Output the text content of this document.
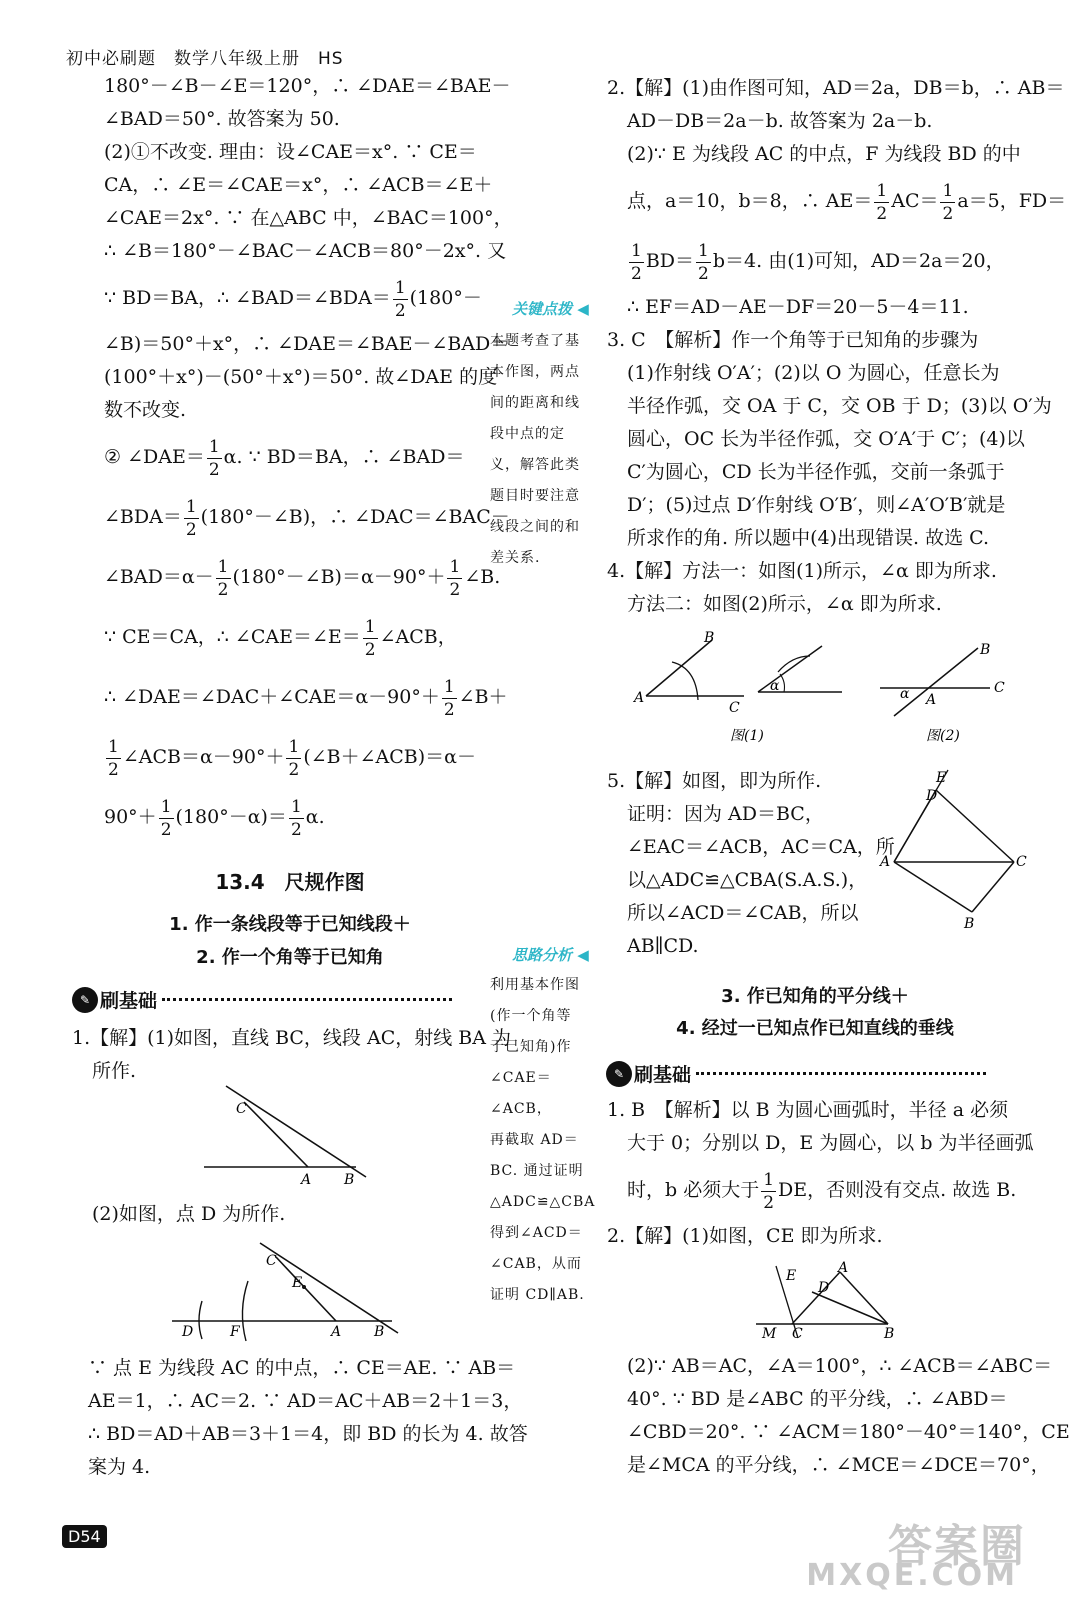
初中必刷题　数学八年级上册　HS
180°－∠B－∠E＝120°，∴ ∠DAE＝∠BAE－
∠BAD＝50°. 故答案为 50.
(2)①不改变. 理由：设∠CAE＝x°. ∵ CE＝
CA，∴ ∠E＝∠CAE＝x°，∴ ∠ACB＝∠E＋
∠CAE＝2x°. ∵ 在△ABC 中，∠BAC＝100°，
∴ ∠B＝180°－∠BAC－∠ACB＝80°－2x°. 又
∵ BD＝BA，∴ ∠BAD＝∠BDA＝ $\frac{1}{2} (180^\circ-$
∠B)＝50°＋x°，∴ ∠DAE＝∠BAE－∠BAD＝
(100°＋x°)－(50°＋x°)＝50°. 故∠DAE 的度
数不改变.
② ∠DAE＝ $\frac{1}{2} \alpha$. ∵ BD＝BA，∴ ∠BAD＝
∠BDA＝ $\frac{1}{2}$ (180°－∠B)，∴ ∠DAC＝∠BAC－
∠BAD＝α－ $\frac{1}{2}$ (180°－∠B)＝α－90°＋ $\frac{1}{2}$ ∠B.
∵ CE＝CA，∴ ∠CAE＝∠E＝ $\frac{1}{2}$ ∠ACB，
∴ ∠DAE＝∠DAC＋∠CAE＝α－90°＋ $\frac{1}{2}$ ∠B＋
$\frac{1}{2}$ ∠ACB＝α－90°＋ $\frac{1}{2}$ (∠B＋∠ACB)＝α－
$90^\circ+ \frac{1}{2} (180^\circ-\alpha)= \frac{1}{2} \alpha$.
13.4　尺规作图
1. 作一条线段等于已知线段＋
2. 作一个角等于已知角
✎ 刷基础

1.【解】(1)如图，直线 BC，线段 AC，射线 BA 为
所作.
C
A B
(2)如图，点 D 为所作.
C
E
D	F	A B
∵ 点 E 为线段 AC 的中点，∴ CE＝AE. ∵ AB＝
AE＝1，∴ AC＝2. ∵ AD＝AC＋AB＝2＋1＝3，
∴ BD＝AD＋AB＝3＋1＝4，即 BD 的长为 4. 故答
案为 4.
关键点拨 ◀
本题考查了基
本作图，两点
间的距离和线
段中点的定
义，解答此类
题目时要注意
线段之间的和
差关系.
思路分析 ◀
利用基本作图
(作一个角等
于已知角)作
∠CAE＝∠ACB，
再截取 AD＝
BC. 通过证明
△ADC≌△CBA
得到∠ACD＝
∠CAB，从而
证明 CD∥AB.
2.【解】(1)由作图可知，AD＝2a，DB＝b，∴ AB＝
AD－DB＝2a－b. 故答案为 2a－b.
(2)∵ E 为线段 AC 的中点，F 为线段 BD 的中
点，a＝10，b＝8，∴ $AE= \frac{1}{2} AC= \frac{1}{2} a=5$，FD＝
$\frac{1}{2} BD= \frac{1}{2} b=4$. 由(1)可知，AD＝2a＝20，
∴ EF＝AD－AE－DF＝20－5－4＝11.
3. C　【解析】作一个角等于已知角的步骤为
(1)作射线 O′A′；(2)以 O 为圆心，任意长为
半径作弧，交 OA 于 C，交 OB 于 D；(3)以 O′为
圆心，OC 长为半径作弧，交 O′A′于 C′；(4)以
C′为圆心，CD 长为半径作弧，交前一条弧于
D′；(5)过点 D′作射线 O′B′，则∠A′O′B′就是
所求作的角. 所以题中(4)出现错误. 故选 C.
4.【解】方法一：如图(1)所示，∠α 即为所求.
方法二：如图(2)所示，∠α 即为所求.
B
A
C
α
图(1)
B
C
A
α
图(2)
5.【解】如图，即为所作.
证明：因为 AD＝BC，
∠EAC＝∠ACB，AC＝CA，所
以△ADC≌△CBA(S.A.S.)，
所以∠ACD＝∠CAB，所以
AB∥CD.
E
D
A	C
B
3. 作已知角的平分线＋
4. 经过一已知点作已知直线的垂线
✎ 刷基础

1. B　【解析】以 B 为圆心画弧时，半径 a 必须
大于 0；分别以 D，E 为圆心，以 b 为半径画弧
时，b 必须大于 $\frac{1}{2}$ DE，否则没有交点. 故选 B.
2.【解】(1)如图，CE 即为所求.
E
D
A
M C	B
(2)∵ AB＝AC，∠A＝100°，∴ ∠ACB＝∠ABC＝
40°. ∵ BD 是∠ABC 的平分线，∴ ∠ABD＝
∠CBD＝20°. ∵ ∠ACM＝180°－40°＝140°，CE
是∠MCA 的平分线，∴ ∠MCE＝∠DCE＝70°，
D54	答案圈
MXQE.COM
